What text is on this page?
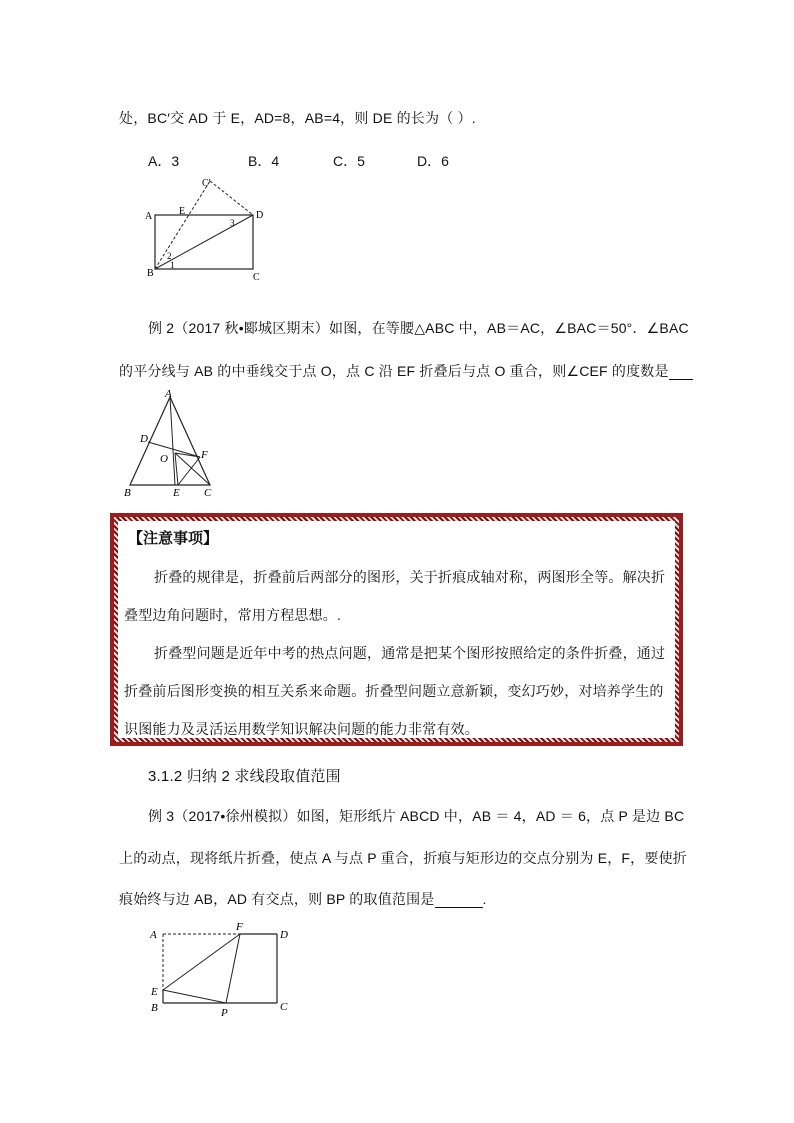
处，BC′交 AD 于 E，AD=8，AB=4，则 DE 的长为（ ）.
A．3	B．4	C．5	D．6
A	E	D
C′
B	C
1
2
3
例 2（2017 秋•郾城区期末）如图，在等腰△ABC 中，AB＝AC，∠BAC＝50°．∠BAC
的平分线与 AB 的中垂线交于点 O，点 C 沿 EF 折叠后与点 O 重合，则∠CEF 的度数是
A
D
O	F
B	E C
【注意事项】
折叠的规律是，折叠前后两部分的图形，关于折痕成轴对称，两图形全等。解决折
叠型边角问题时，常用方程思想。.
折叠型问题是近年中考的热点问题，通常是把某个图形按照给定的条件折叠，通过
折叠前后图形变换的相互关系来命题。折叠型问题立意新颖，变幻巧妙，对培养学生的
识图能力及灵活运用数学知识解决问题的能力非常有效。
3.1.2 归纳 2 求线段取值范围
例 3（2017•徐州模拟）如图，矩形纸片 ABCD 中，AB ＝ 4，AD ＝ 6，点 P 是边 BC
上的动点，现将纸片折叠，使点 A 与点 P 重合，折痕与矩形边的交点分别为 E，F，要使折
痕始终与边 AB，AD 有交点，则 BP 的取值范围是	.
A
F
D
E
B	P	C
